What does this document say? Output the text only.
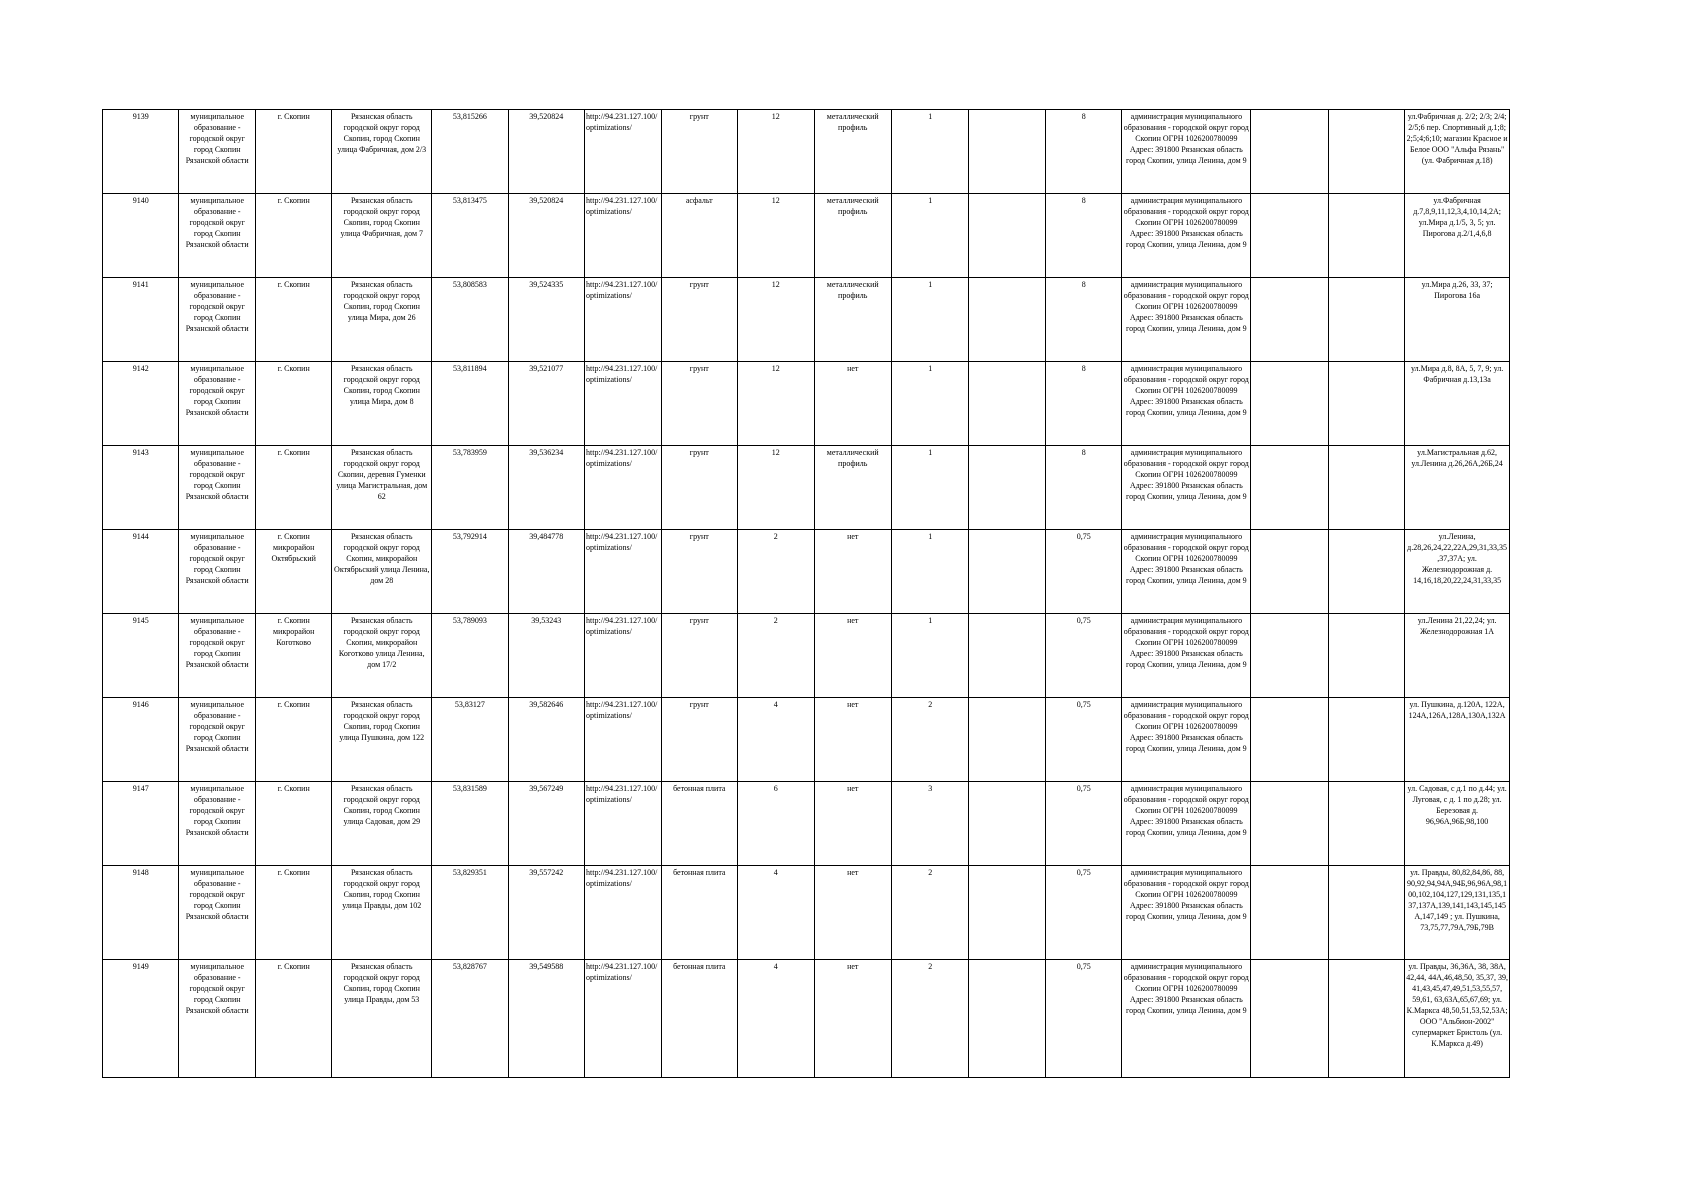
9139	муниципальное образование - городской округ город Скопин Рязанской области	г. Скопин	Рязанская область городской округ город Скопин, город Скопин улица Фабричная, дом 2/3	53,815266	39,520824	http://94.231.127.100/optimizations/	грунт	12	металлический профиль	1		8	администрация муниципального образования - городской округ город Скопин ОГРН 1026200780099 Адрес: 391800 Рязанская область город Скопин, улица Ленина, дом 9			ул.Фабричная д. 2/2; 2/3; 2/4; 2/5;6 пер. Спортивный д.1;8; 2;5;4;6;10; магазин Красное и Белое ООО "Альфа Рязань" (ул. Фабричная д.18)
9140	муниципальное образование - городской округ город Скопин Рязанской области	г. Скопин	Рязанская область городской округ город Скопин, город Скопин улица Фабричная, дом 7	53,813475	39,520824	http://94.231.127.100/optimizations/	асфальт	12	металлический профиль	1		8	администрация муниципального образования - городской округ город Скопин ОГРН 1026200780099 Адрес: 391800 Рязанская область город Скопин, улица Ленина, дом 9			ул.Фабричная д.7,8,9,11,12,3,4,10,14,2А; ул.Мира д.1/5, 3, 5; ул. Пирогова д.2/1,4,6,8
9141	муниципальное образование - городской округ город Скопин Рязанской области	г. Скопин	Рязанская область городской округ город Скопин, город Скопин улица Мира, дом 26	53,808583	39,524335	http://94.231.127.100/optimizations/	грунт	12	металлический профиль	1		8	администрация муниципального образования - городской округ город Скопин ОГРН 1026200780099 Адрес: 391800 Рязанская область город Скопин, улица Ленина, дом 9			ул.Мира д.26, 33, 37; Пирогова 16а
9142	муниципальное образование - городской округ город Скопин Рязанской области	г. Скопин	Рязанская область городской округ город Скопин, город Скопин улица Мира, дом 8	53,811894	39,521077	http://94.231.127.100/optimizations/	грунт	12	нет	1		8	администрация муниципального образования - городской округ город Скопин ОГРН 1026200780099 Адрес: 391800 Рязанская область город Скопин, улица Ленина, дом 9			ул.Мира д.8, 8А, 5, 7, 9; ул. Фабричная д.13,13а
9143	муниципальное образование - городской округ город Скопин Рязанской области	г. Скопин	Рязанская область городской округ город Скопин, деревня Гуменки улица Магистральная, дом 62	53,783959	39,536234	http://94.231.127.100/optimizations/	грунт	12	металлический профиль	1		8	администрация муниципального образования - городской округ город Скопин ОГРН 1026200780099 Адрес: 391800 Рязанская область город Скопин, улица Ленина, дом 9			ул.Магистральная д.62, ул.Ленина д.26,26А,26Б,24
9144	муниципальное образование - городской округ город Скопин Рязанской области	г. Скопин микрорайон Октябрьский	Рязанская область городской округ город Скопин, микрорайон Октябрьский улица Ленина, дом 28	53,792914	39,484778	http://94.231.127.100/optimizations/	грунт	2	нет	1		0,75	администрация муниципального образования - городской округ город Скопин ОГРН 1026200780099 Адрес: 391800 Рязанская область город Скопин, улица Ленина, дом 9			ул.Ленина, д.28,26,24,22,22А,29,31,33,35,37,37А; ул. Железнодорожная д. 14,16,18,20,22,24,31,33,35
9145	муниципальное образование - городской округ город Скопин Рязанской области	г. Скопин микрорайон Коготково	Рязанская область городской округ город Скопин, микрорайон Коготково улица Ленина, дом 17/2	53,789093	39,53243	http://94.231.127.100/optimizations/	грунт	2	нет	1		0,75	администрация муниципального образования - городской округ город Скопин ОГРН 1026200780099 Адрес: 391800 Рязанская область город Скопин, улица Ленина, дом 9			ул.Ленина 21,22,24; ул. Железнодорожная 1А
9146	муниципальное образование - городской округ город Скопин Рязанской области	г. Скопин	Рязанская область городской округ город Скопин, город Скопин улица Пушкина, дом 122	53,83127	39,582646	http://94.231.127.100/optimizations/	грунт	4	нет	2		0,75	администрация муниципального образования - городской округ город Скопин ОГРН 1026200780099 Адрес: 391800 Рязанская область город Скопин, улица Ленина, дом 9			ул. Пушкина, д.120А, 122А, 124А,126А,128А,130А,132А
9147	муниципальное образование - городской округ город Скопин Рязанской области	г. Скопин	Рязанская область городской округ город Скопин, город Скопин улица Садовая, дом 29	53,831589	39,567249	http://94.231.127.100/optimizations/	бетонная плита	6	нет	3		0,75	администрация муниципального образования - городской округ город Скопин ОГРН 1026200780099 Адрес: 391800 Рязанская область город Скопин, улица Ленина, дом 9			ул. Садовая, с д.1 по д.44; ул. Луговая, с д. 1 по д.28; ул. Березовая д. 96,96А,96Б,98,100
9148	муниципальное образование - городской округ город Скопин Рязанской области	г. Скопин	Рязанская область городской округ город Скопин, город Скопин улица Правды, дом 102	53,829351	39,557242	http://94.231.127.100/optimizations/	бетонная плита	4	нет	2		0,75	администрация муниципального образования - городской округ город Скопин ОГРН 1026200780099 Адрес: 391800 Рязанская область город Скопин, улица Ленина, дом 9			ул. Правды, 80,82,84,86, 88, 90,92,94,94А,94Б,96,96А,98,100,102,104,127,129,131,135,137,137А,139,141,143,145,145А,147,149 ; ул. Пушкина, 73,75,77,79А,79Б,79В
9149	муниципальное образование - городской округ город Скопин Рязанской области	г. Скопин	Рязанская область городской округ город Скопин, город Скопин улица Правды, дом 53	53,828767	39,549588	http://94.231.127.100/optimizations/	бетонная плита	4	нет	2		0,75	администрация муниципального образования - городской округ город Скопин ОГРН 1026200780099 Адрес: 391800 Рязанская область город Скопин, улица Ленина, дом 9			ул. Правды, 36,36А, 38, 38А, 42,44, 44А,46,48,50, 35,37, 39, 41,43,45,47,49,51,53,55,57, 59,61, 63,63А,65,67,69; ул. К.Маркса 48,50,51,53,52,53А; ООО "Альбион-2002" супермаркет Бристоль (ул. К.Маркса д.49)
